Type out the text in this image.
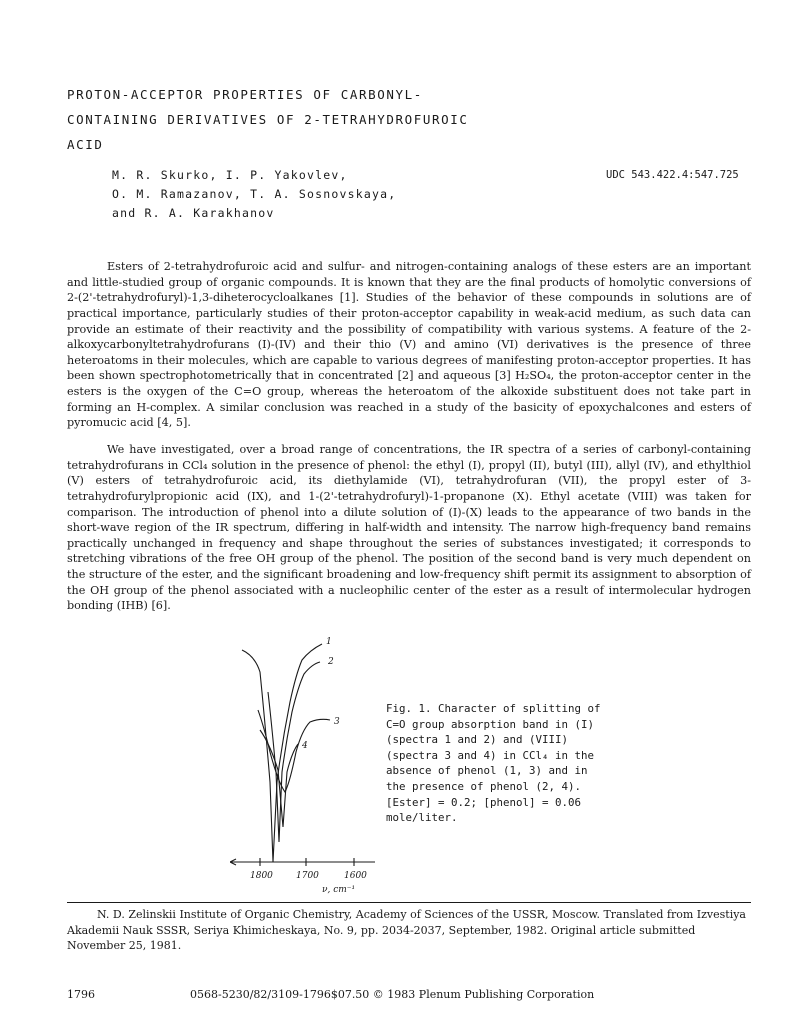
PROTON-ACCEPTOR PROPERTIES OF CARBONYL-
CONTAINING DERIVATIVES OF 2-TETRAHYDROFUROIC
ACID
M. R. Skurko, I. P. Yakovlev,
O. M. Ramazanov, T. A. Sosnovskaya,
and R. A. Karakhanov
UDC 543.422.4:547.725

Esters of 2-tetrahydrofuroic acid and sulfur- and nitrogen-containing analogs of these esters are an important and little-studied group of organic compounds. It is known that they are the final products of homolytic conversions of 2-(2'-tetrahydrofuryl)-1,3-diheterocycloalkanes [1]. Studies of the behavior of these compounds in solutions are of practical importance, particularly studies of their proton-acceptor capability in weak-acid medium, as such data can provide an estimate of their reactivity and the possibility of compatibility with various systems. A feature of the 2-alkoxycarbonyltetrahydrofurans (I)-(IV) and their thio (V) and amino (VI) derivatives is the presence of three heteroatoms in their molecules, which are capable to various degrees of manifesting proton-acceptor properties. It has been shown spectrophotometrically that in concentrated [2] and aqueous [3] H₂SO₄, the proton-acceptor center in the esters is the oxygen of the C=O group, whereas the heteroatom of the alkoxide substituent does not take part in forming an H-complex. A similar conclusion was reached in a study of the basicity of epoxychalcones and esters of pyromucic acid [4, 5].

We have investigated, over a broad range of concentrations, the IR spectra of a series of carbonyl-containing tetrahydrofurans in CCl₄ solution in the presence of phenol: the ethyl (I), propyl (II), butyl (III), allyl (IV), and ethylthiol (V) esters of tetrahydrofuroic acid, its diethylamide (VI), tetrahydrofuran (VII), the propyl ester of 3-tetrahydrofurylpropionic acid (IX), and 1-(2'-tetrahydrofuryl)-1-propanone (X). Ethyl acetate (VIII) was taken for comparison. The introduction of phenol into a dilute solution of (I)-(X) leads to the appearance of two bands in the short-wave region of the IR spectrum, differing in half-width and intensity. The narrow high-frequency band remains practically unchanged in frequency and shape throughout the series of substances investigated; it corresponds to stretching vibrations of the free OH group of the phenol. The position of the second band is very much dependent on the structure of the ester, and the significant broadening and low-frequency shift permit its assignment to absorption of the OH group of the phenol associated with a nucleophilic center of the ester as a result of intermolecular hydrogen bonding (IHB) [6].

1
2
3
4
1800	1700	1600
ν, cm⁻¹
Fig. 1. Character of splitting of C=O group absorption band in (I) (spectra 1 and 2) and (VIII) (spectra 3 and 4) in CCl₄ in the absence of phenol (1, 3) and in the presence of phenol (2, 4). [Ester] = 0.2; [phenol] = 0.06 mole/liter.
N. D. Zelinskii Institute of Organic Chemistry, Academy of Sciences of the USSR, Moscow. Translated from Izvestiya Akademii Nauk SSSR, Seriya Khimicheskaya, No. 9, pp. 2034-2037, September, 1982. Original article submitted November 25, 1981.
1796	0568-5230/82/3109-1796$07.50 © 1983 Plenum Publishing Corporation
